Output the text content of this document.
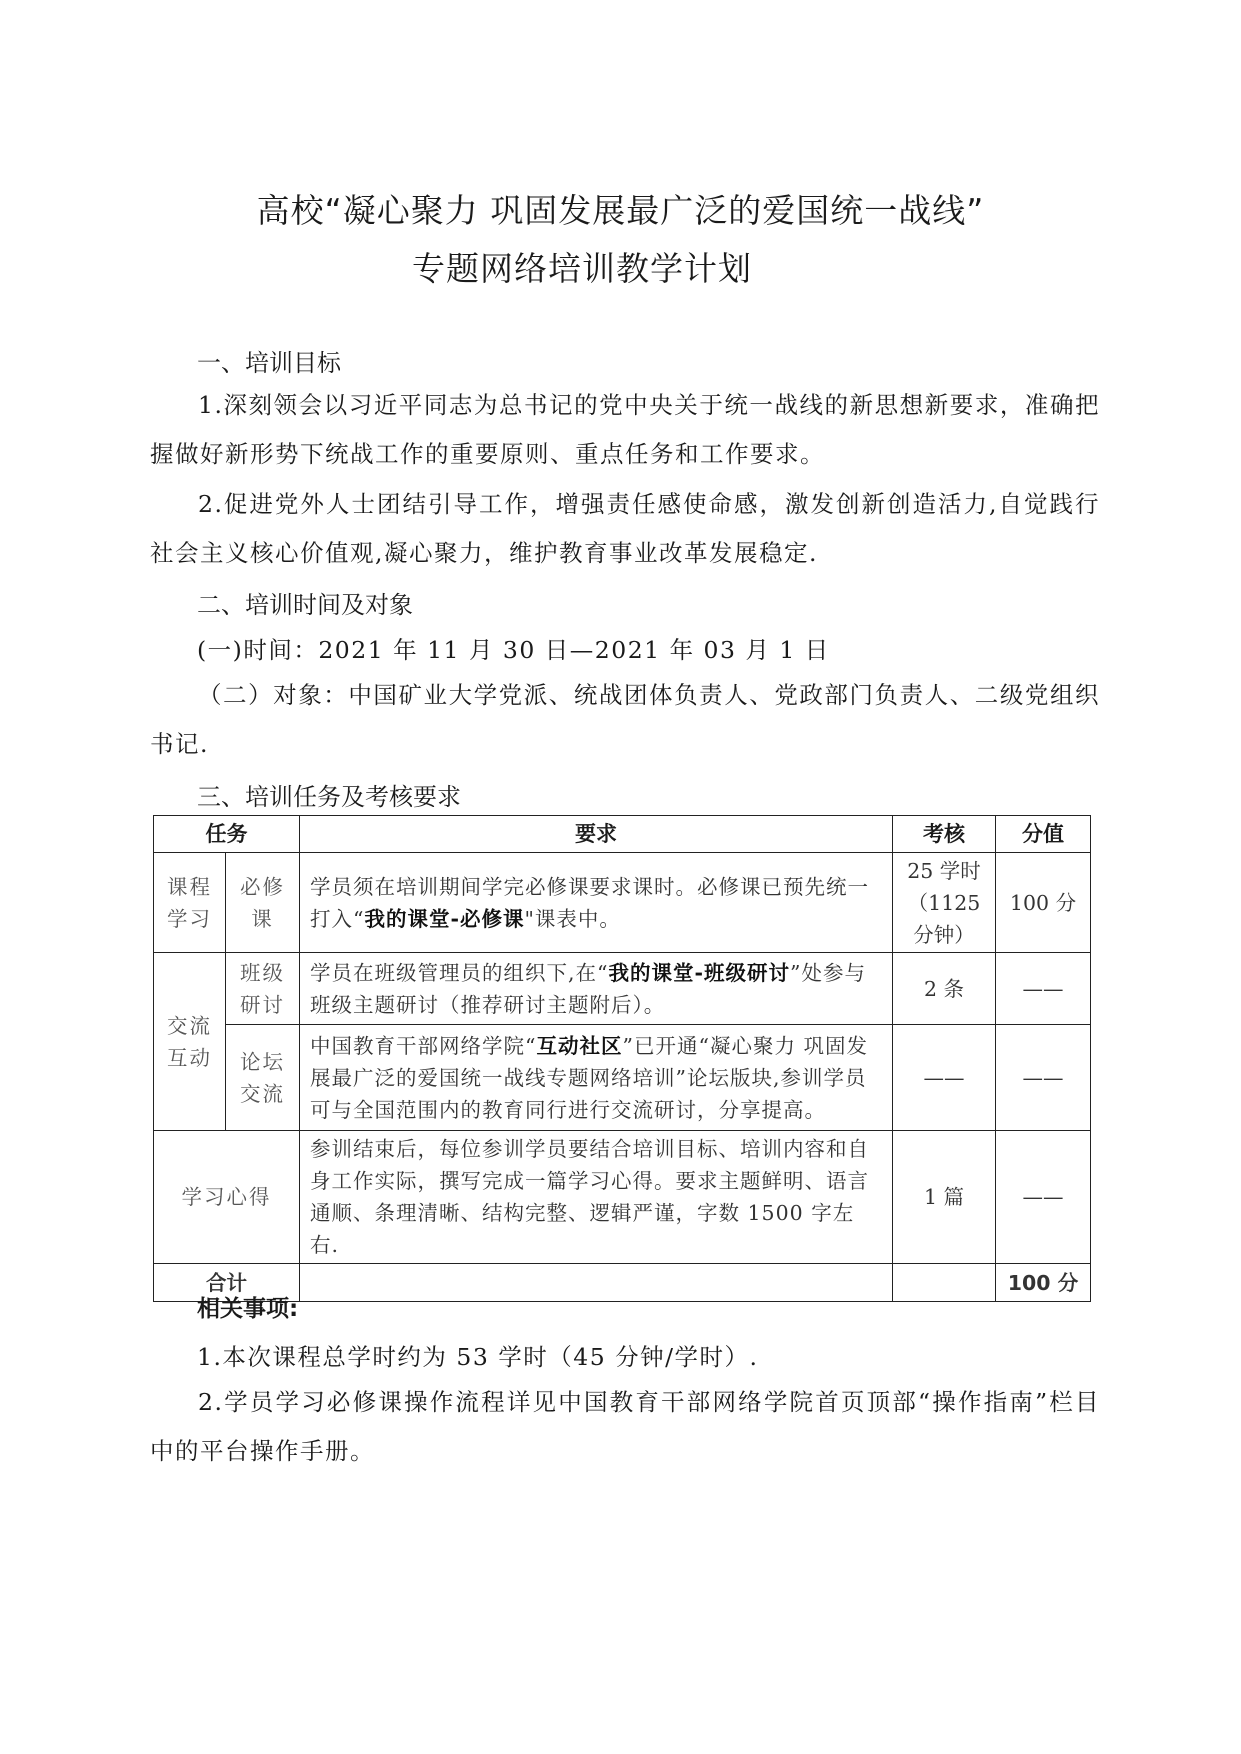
高校“凝心聚力 巩固发展最广泛的爱国统一战线”
专题网络培训教学计划
一、培训目标
1.深刻领会以习近平同志为总书记的党中央关于统一战线的新思想新要求，准确把握做好新形势下统战工作的重要原则、重点任务和工作要求。
2.促进党外人士团结引导工作，增强责任感使命感，激发创新创造活力,自觉践行社会主义核心价值观,凝心聚力，维护教育事业改革发展稳定.
二、培训时间及对象
(一)时间：2021 年 11 月 30 日—2021 年 03 月 1 日
（二）对象：中国矿业大学党派、统战团体负责人、党政部门负责人、二级党组织书记.
三、培训任务及考核要求
任务		要求	考核	分值
课程学习	必修课	学员须在培训期间学完必修课要求课时。必修课已预先统一打入“我的课堂-必修课"课表中。	25 学时（1125 分钟）	100 分
交流互动	班级研讨	学员在班级管理员的组织下,在“我的课堂-班级研讨”处参与班级主题研讨（推荐研讨主题附后）。	2 条	——
	论坛交流	中国教育干部网络学院“互动社区”已开通“凝心聚力 巩固发展最广泛的爱国统一战线专题网络培训”论坛版块,参训学员可与全国范围内的教育同行进行交流研讨，分享提高。	——	——
学习心得		参训结束后，每位参训学员要结合培训目标、培训内容和自身工作实际，撰写完成一篇学习心得。要求主题鲜明、语言通顺、条理清晰、结构完整、逻辑严谨，字数 1500 字左右.	1 篇	——
合计				100 分
相关事项:
1.本次课程总学时约为 53 学时（45 分钟/学时）.
2.学员学习必修课操作流程详见中国教育干部网络学院首页顶部“操作指南”栏目中的平台操作手册。
